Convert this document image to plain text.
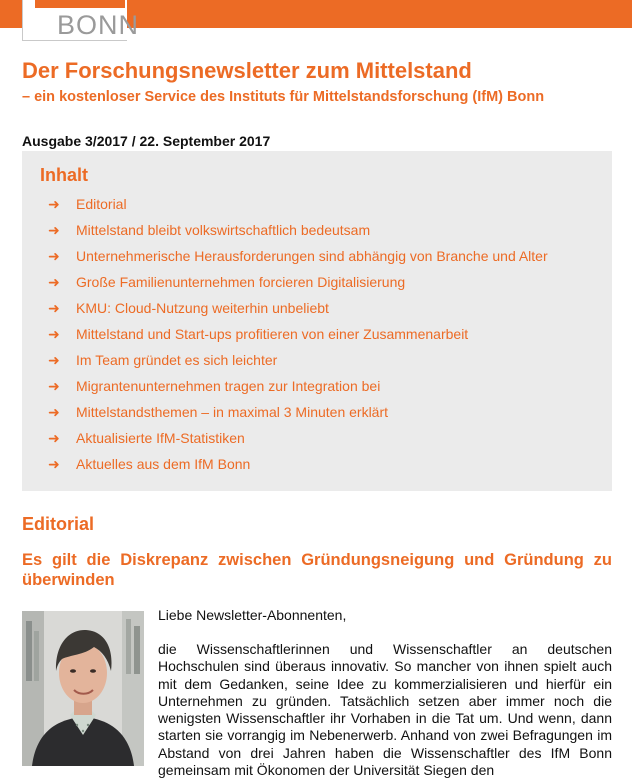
BONN
Der Forschungsnewsletter zum Mittelstand
– ein kostenloser Service des Instituts für Mittelstandsforschung (IfM) Bonn
Ausgabe 3/2017 / 22. September 2017
Inhalt
➜	Editorial
➜	Mittelstand bleibt volkswirtschaftlich bedeutsam
➜	Unternehmerische Herausforderungen sind abhängig von Branche und Alter
➜	Große Familienunternehmen forcieren Digitalisierung
➜	KMU: Cloud-Nutzung weiterhin unbeliebt
➜	Mittelstand und Start-ups profitieren von einer Zusammenarbeit
➜	Im Team gründet es sich leichter
➜	Migrantenunternehmen tragen zur Integration bei
➜	Mittelstandsthemen – in maximal 3 Minuten erklärt
➜	Aktualisierte IfM-Statistiken
➜	Aktuelles aus dem IfM Bonn
Editorial
Es gilt die Diskrepanz zwischen Gründungsneigung und Gründung zu überwinden
Liebe Newsletter-Abonnenten,

die Wissenschaftlerinnen und Wissenschaftler an deutschen Hochschulen sind überaus innovativ. So mancher von ihnen spielt auch mit dem Gedanken, seine Idee zu kommerzialisieren und hierfür ein Unternehmen zu gründen. Tatsächlich setzen aber immer noch die wenigsten Wissenschaftler ihr Vorhaben in die Tat um. Und wenn, dann starten sie vorrangig im Nebenerwerb. Anhand von zwei Befragungen im Abstand von drei Jahren haben die Wissenschaftler des IfM Bonn gemeinsam mit Ökonomen der Universität Siegen den
